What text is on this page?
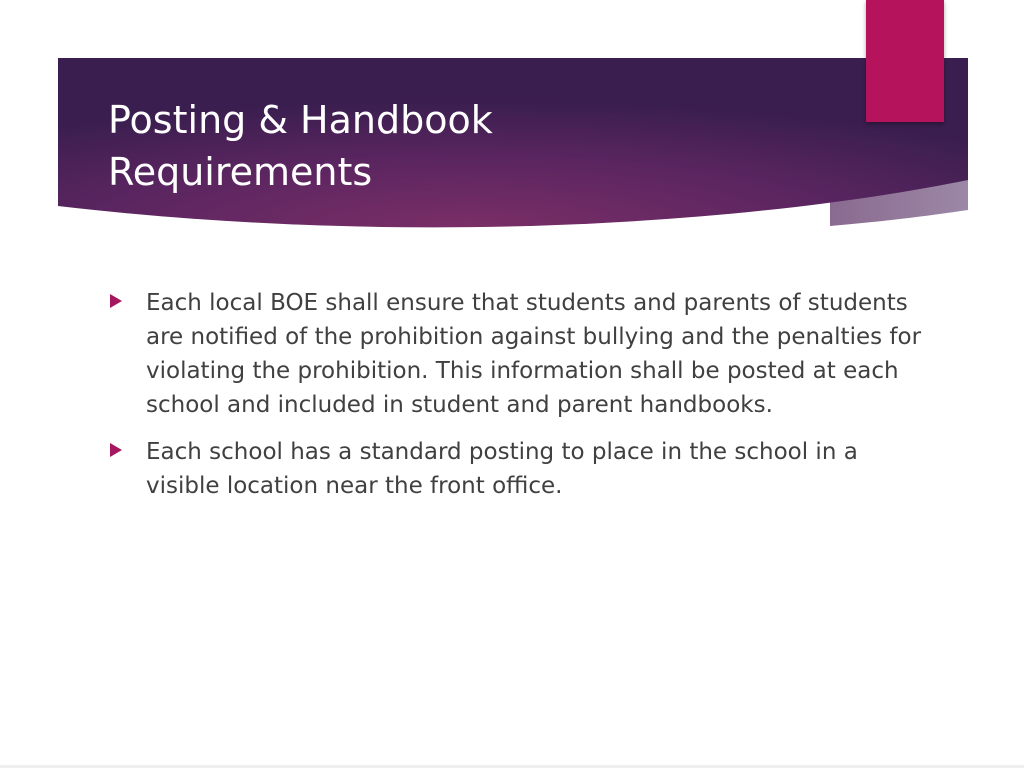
Posting & Handbook
Requirements
Each local BOE shall ensure that students and parents of students are notified of the prohibition against bullying and the penalties for violating the prohibition. This information shall be posted at each school and included in student and parent handbooks.
Each school has a standard posting to place in the school in a visible location near the front office.
